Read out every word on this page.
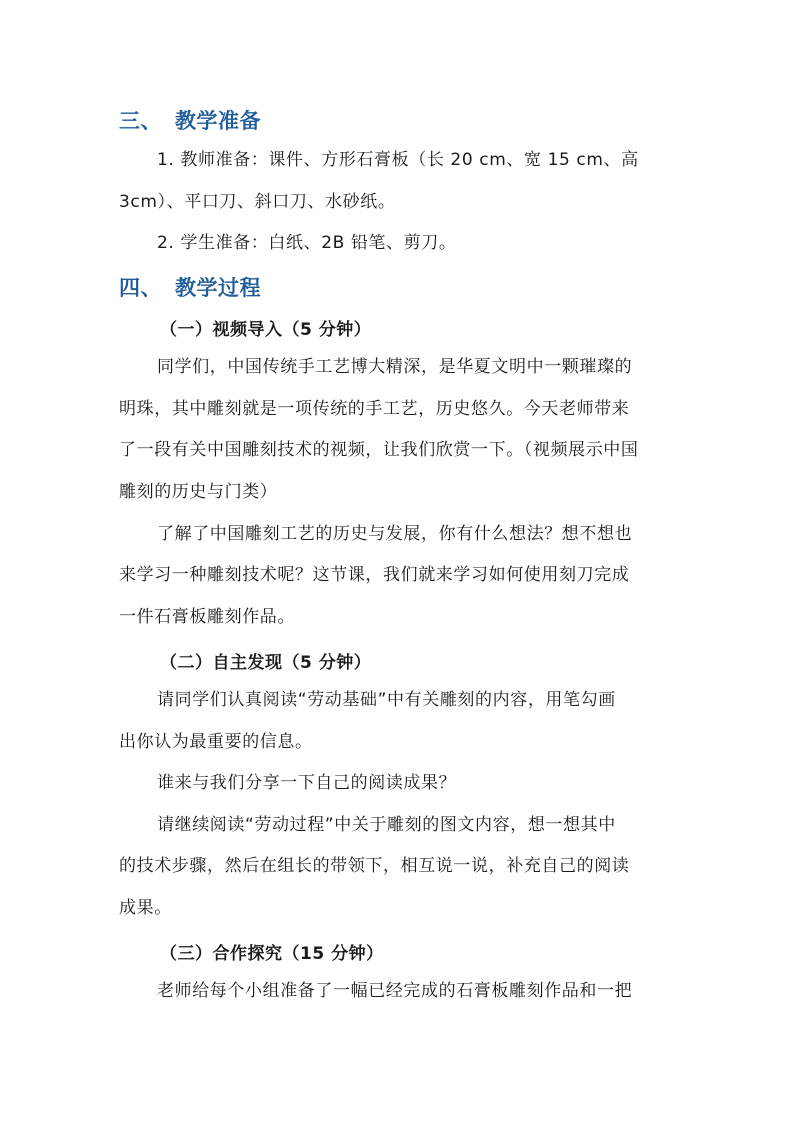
三、 教学准备
1. 教师准备：课件、方形石膏板（长 20 cm、宽 15 cm、高
3cm）、平口刀、斜口刀、水砂纸。
2. 学生准备：白纸、2B 铅笔、剪刀。
四、 教学过程
（一）视频导入（5 分钟）
同学们，中国传统手工艺博大精深，是华夏文明中一颗璀璨的
明珠，其中雕刻就是一项传统的手工艺，历史悠久。今天老师带来
了一段有关中国雕刻技术的视频，让我们欣赏一下。（视频展示中国
雕刻的历史与门类）
了解了中国雕刻工艺的历史与发展，你有什么想法？想不想也
来学习一种雕刻技术呢？这节课，我们就来学习如何使用刻刀完成
一件石膏板雕刻作品。
（二）自主发现（5 分钟）
请同学们认真阅读“劳动基础”中有关雕刻的内容，用笔勾画
出你认为最重要的信息。
谁来与我们分享一下自己的阅读成果？
请继续阅读“劳动过程”中关于雕刻的图文内容，想一想其中
的技术步骤，然后在组长的带领下，相互说一说，补充自己的阅读
成果。
（三）合作探究（15 分钟）
老师给每个小组准备了一幅已经完成的石膏板雕刻作品和一把
